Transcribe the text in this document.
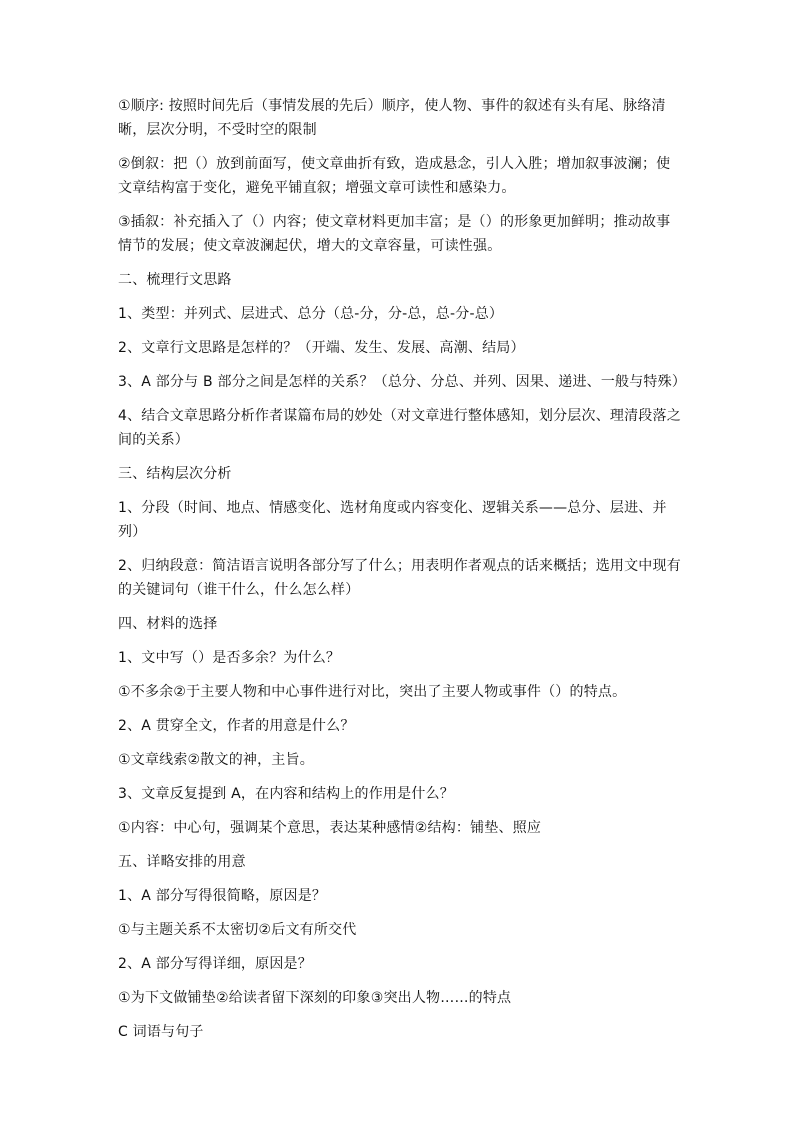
①顺序: 按照时间先后（事情发展的先后）顺序，使人物、事件的叙述有头有尾、脉络清晰，层次分明，不受时空的限制

②倒叙：把（）放到前面写，使文章曲折有致，造成悬念，引人入胜；增加叙事波澜；使文章结构富于变化，避免平铺直叙；增强文章可读性和感染力。

③插叙：补充插入了（）内容；使文章材料更加丰富；是（）的形象更加鲜明；推动故事情节的发展；使文章波澜起伏，增大的文章容量，可读性强。

二、梳理行文思路

1、类型：并列式、层进式、总分（总-分，分-总，总-分-总）

2、文章行文思路是怎样的？（开端、发生、发展、高潮、结局）

3、A 部分与 B 部分之间是怎样的关系？（总分、分总、并列、因果、递进、一般与特殊）

4、结合文章思路分析作者谋篇布局的妙处（对文章进行整体感知，划分层次、理清段落之间的关系）

三、结构层次分析

1、分段（时间、地点、情感变化、选材角度或内容变化、逻辑关系——总分、层进、并列）

2、归纳段意：简洁语言说明各部分写了什么；用表明作者观点的话来概括；选用文中现有的关键词句（谁干什么，什么怎么样）

四、材料的选择

1、文中写（）是否多余？为什么？

①不多余②于主要人物和中心事件进行对比，突出了主要人物或事件（）的特点。

2、A 贯穿全文，作者的用意是什么？

①文章线索②散文的神，主旨。

3、文章反复提到 A，在内容和结构上的作用是什么？

①内容：中心句，强调某个意思，表达某种感情②结构：铺垫、照应

五、详略安排的用意

1、A 部分写得很简略，原因是？

①与主题关系不太密切②后文有所交代

2、A 部分写得详细，原因是？

①为下文做铺垫②给读者留下深刻的印象③突出人物……的特点

C 词语与句子
